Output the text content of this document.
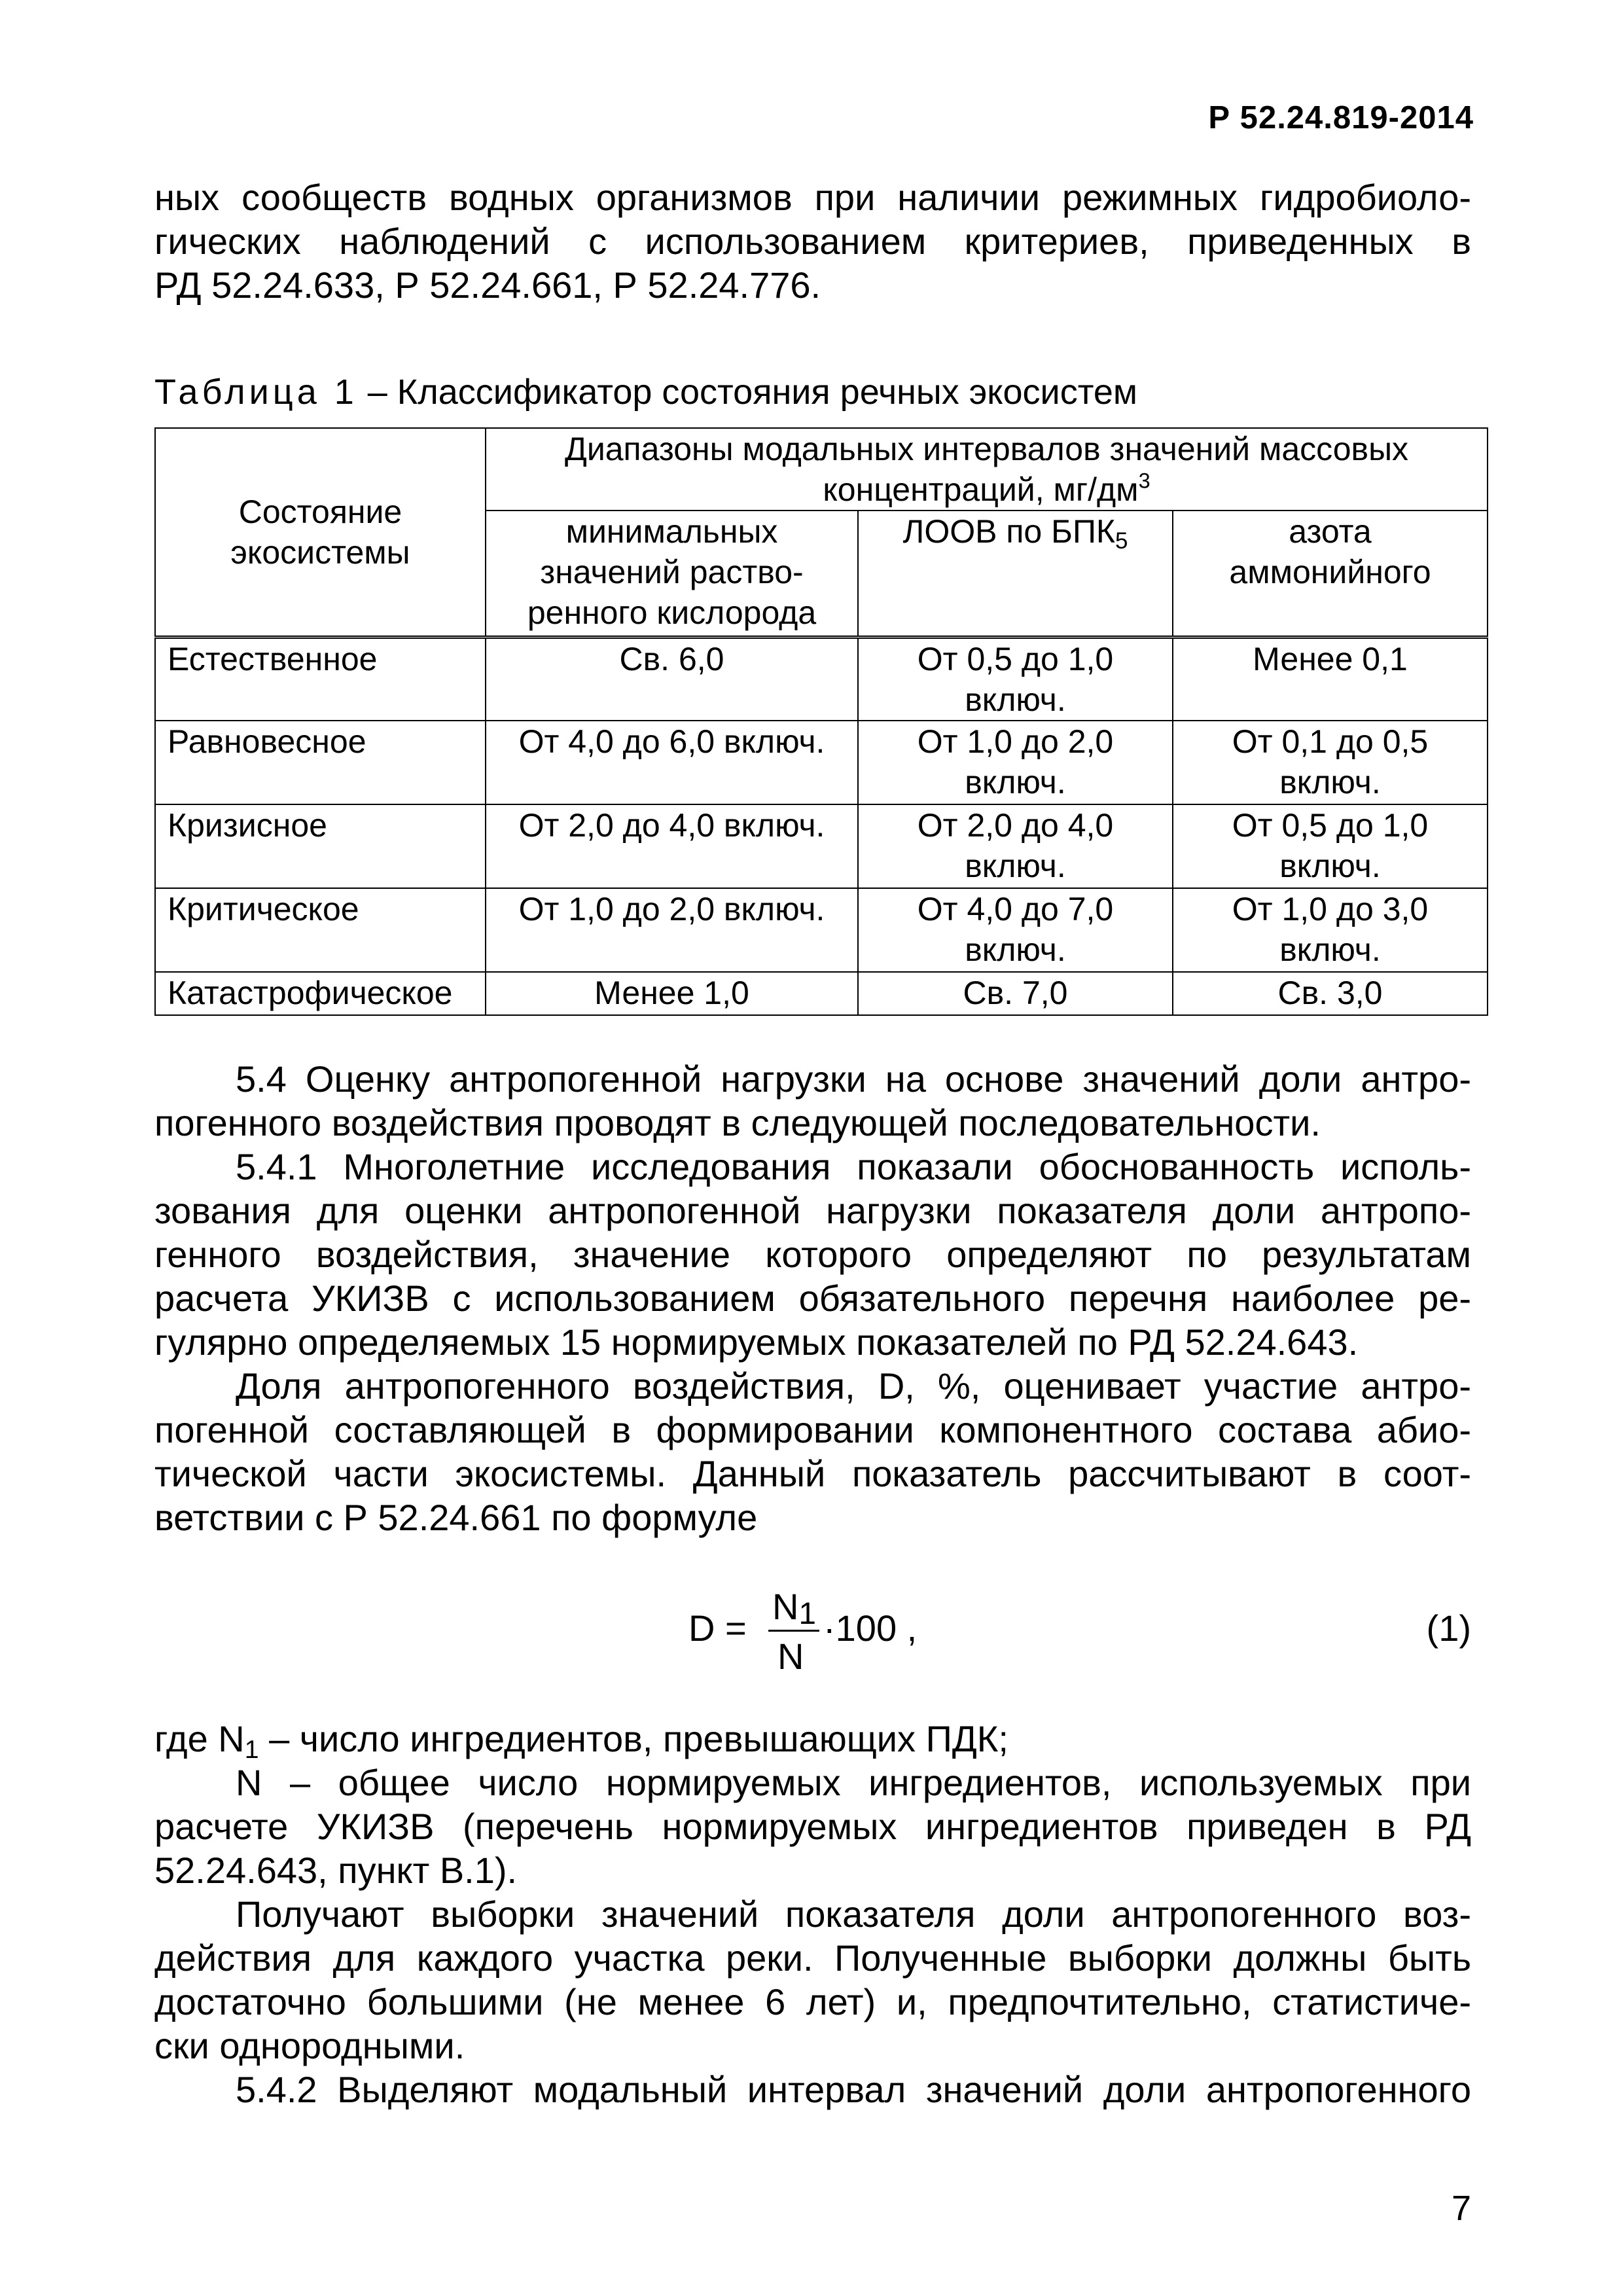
Р 52.24.819-2014
ных сообществ водных организмов при наличии режимных гидробиоло-
гических наблюдений с использованием критериев, приведенных в
РД 52.24.633, Р 52.24.661, Р 52.24.776.
Таблица 1 – Классификатор состояния речных экосистем
Состояние экосистемы	Диапазоны модальных интервалов значений массовых концентраций, $мг/дм^3$
	минимальных значений раство-ренного кислорода	ЛООВ по $БПК_5$	азота аммонийного
Естественное	Св. 6,0	От 0,5 до 1,0 включ.	Менее 0,1
Равновесное	От 4,0 до 6,0 включ.	От 1,0 до 2,0 включ.	От 0,1 до 0,5 включ.
Кризисное	От 2,0 до 4,0 включ.	От 2,0 до 4,0 включ.	От 0,5 до 1,0 включ.
Критическое	От 1,0 до 2,0 включ.	От 4,0 до 7,0 включ.	От 1,0 до 3,0 включ.
Катастрофическое	Менее 1,0	Св. 7,0	Св. 3,0
5.4 Оценку антропогенной нагрузки на основе значений доли антро-
погенного воздействия проводят в следующей последовательности.
5.4.1 Многолетние исследования показали обоснованность исполь-
зования для оценки антропогенной нагрузки показателя доли антропо-
генного воздействия, значение которого определяют по результатам
расчета УКИЗВ с использованием обязательного перечня наиболее ре-
гулярно определяемых 15 нормируемых показателей по РД 52.24.643.
Доля антропогенного воздействия, D, %, оценивает участие антро-
погенной составляющей в формировании компонентного состава абио-
тической части экосистемы. Данный показатель рассчитывают в соот-
ветствии с Р 52.24.661 по формуле
D =
$N_1$
N
·100 ,	(1)
где $N_1$ – число ингредиентов, превышающих ПДК;
N – общее число нормируемых ингредиентов, используемых при
расчете УКИЗВ (перечень нормируемых ингредиентов приведен в РД
52.24.643, пункт В.1).
Получают выборки значений показателя доли антропогенного воз-
действия для каждого участка реки. Полученные выборки должны быть
достаточно большими (не менее 6 лет) и, предпочтительно, статистиче-
ски однородными.
5.4.2 Выделяют модальный интервал значений доли антропогенного
7
